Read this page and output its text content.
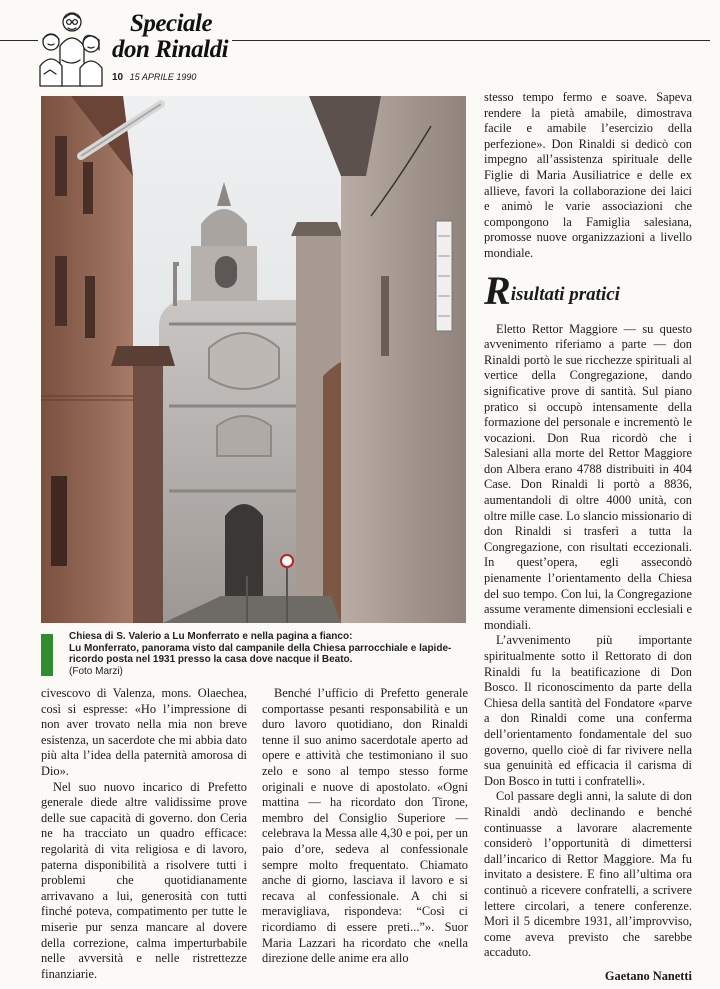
Speciale
don Rinaldi
10 15 APRILE 1990
Chiesa di S. Valerio a Lu Monferrato e nella pagina a fianco:
Lu Monferrato, panorama visto dal campanile della Chiesa parrocchiale e lapide-ricordo posta nel 1931 presso la casa dove nacque il Beato.
(Foto Marzi)

civescovo di Valenza, mons. Olaechea, così si espresse: «Ho l’impressione di non aver trovato nella mia non breve esistenza, un sacerdote che mi abbia dato più alta l’idea della paternità amorosa di Dio».

Nel suo nuovo incarico di Prefetto generale diede altre validissime prove delle sue capacità di governo. don Ceria ne ha tracciato un quadro efficace: regolarità di vita religiosa e di lavoro, paterna disponibilità a risolvere tutti i problemi che quotidianamente arrivavano a lui, generosità con tutti finché poteva, compatimento per tutte le miserie pur senza mancare al dovere della correzione, calma imperturbabile nelle avversità e nelle ristrettezze finanziarie.

Benché l’ufficio di Prefetto generale comportasse pesanti responsabilità e un duro lavoro quotidiano, don Rinaldi tenne il suo animo sacerdotale aperto ad opere e attività che testimoniano il suo zelo e sono al tempo stesso forme originali e nuove di apostolato. «Ogni mattina — ha ricordato don Tirone, membro del Consiglio Superiore — celebrava la Messa alle 4,30 e poi, per un paio d’ore, sedeva al confessionale sempre molto frequentato. Chiamato anche di giorno, lasciava il lavoro e si recava al confessionale. A chi si meravigliava, rispondeva: “Così ci ricordiamo di essere preti...”». Suor Maria Lazzari ha ricordato che «nella direzione delle anime era allo

stesso tempo fermo e soave. Sapeva rendere la pietà amabile, dimostrava facile e amabile l’esercizio della perfezione». Don Rinaldi si dedicò con impegno all’assistenza spirituale delle Figlie di Maria Ausiliatrice e delle ex allieve, favorì la collaborazione dei laici e animò le varie associazioni che compongono la Famiglia salesiana, promosse nuove organizzazioni a livello mondiale.

Risultati pratici

Eletto Rettor Maggiore — su questo avvenimento riferiamo a parte — don Rinaldi portò le sue ricchezze spirituali al vertice della Congregazione, dando significative prove di santità. Sul piano pratico si occupò intensamente della formazione del personale e incrementò le vocazioni. Don Rua ricordò che i Salesiani alla morte del Rettor Maggiore don Albera erano 4788 distribuiti in 404 Case. Don Rinaldi li portò a 8836, aumentandoli di oltre 4000 unità, con oltre mille case. Lo slancio missionario di don Rinaldi si trasferì a tutta la Congregazione, con risultati eccezionali. In quest’opera, egli assecondò pienamente l’orientamento della Chiesa del suo tempo. Con lui, la Congregazione assume veramente dimensioni ecclesiali e mondiali.

L’avvenimento più importante spiritualmente sotto il Rettorato di don Rinaldi fu la beatificazione di Don Bosco. Il riconoscimento da parte della Chiesa della santità del Fondatore «parve a don Rinaldi come una conferma dell’orientamento fondamentale del suo governo, quello cioè di far rivivere nella sua genuinità ed efficacia il carisma di Don Bosco in tutti i confratelli».

Col passare degli anni, la salute di don Rinaldi andò declinando e benché continuasse a lavorare alacremente considerò l’opportunità di dimettersi dall’incarico di Rettor Maggiore. Ma fu invitato a desistere. E fino all’ultima ora continuò a ricevere confratelli, a scrivere lettere circolari, a tenere conferenze. Morì il 5 dicembre 1931, all’improvviso, come aveva previsto che sarebbe accaduto.

Gaetano Nanetti
